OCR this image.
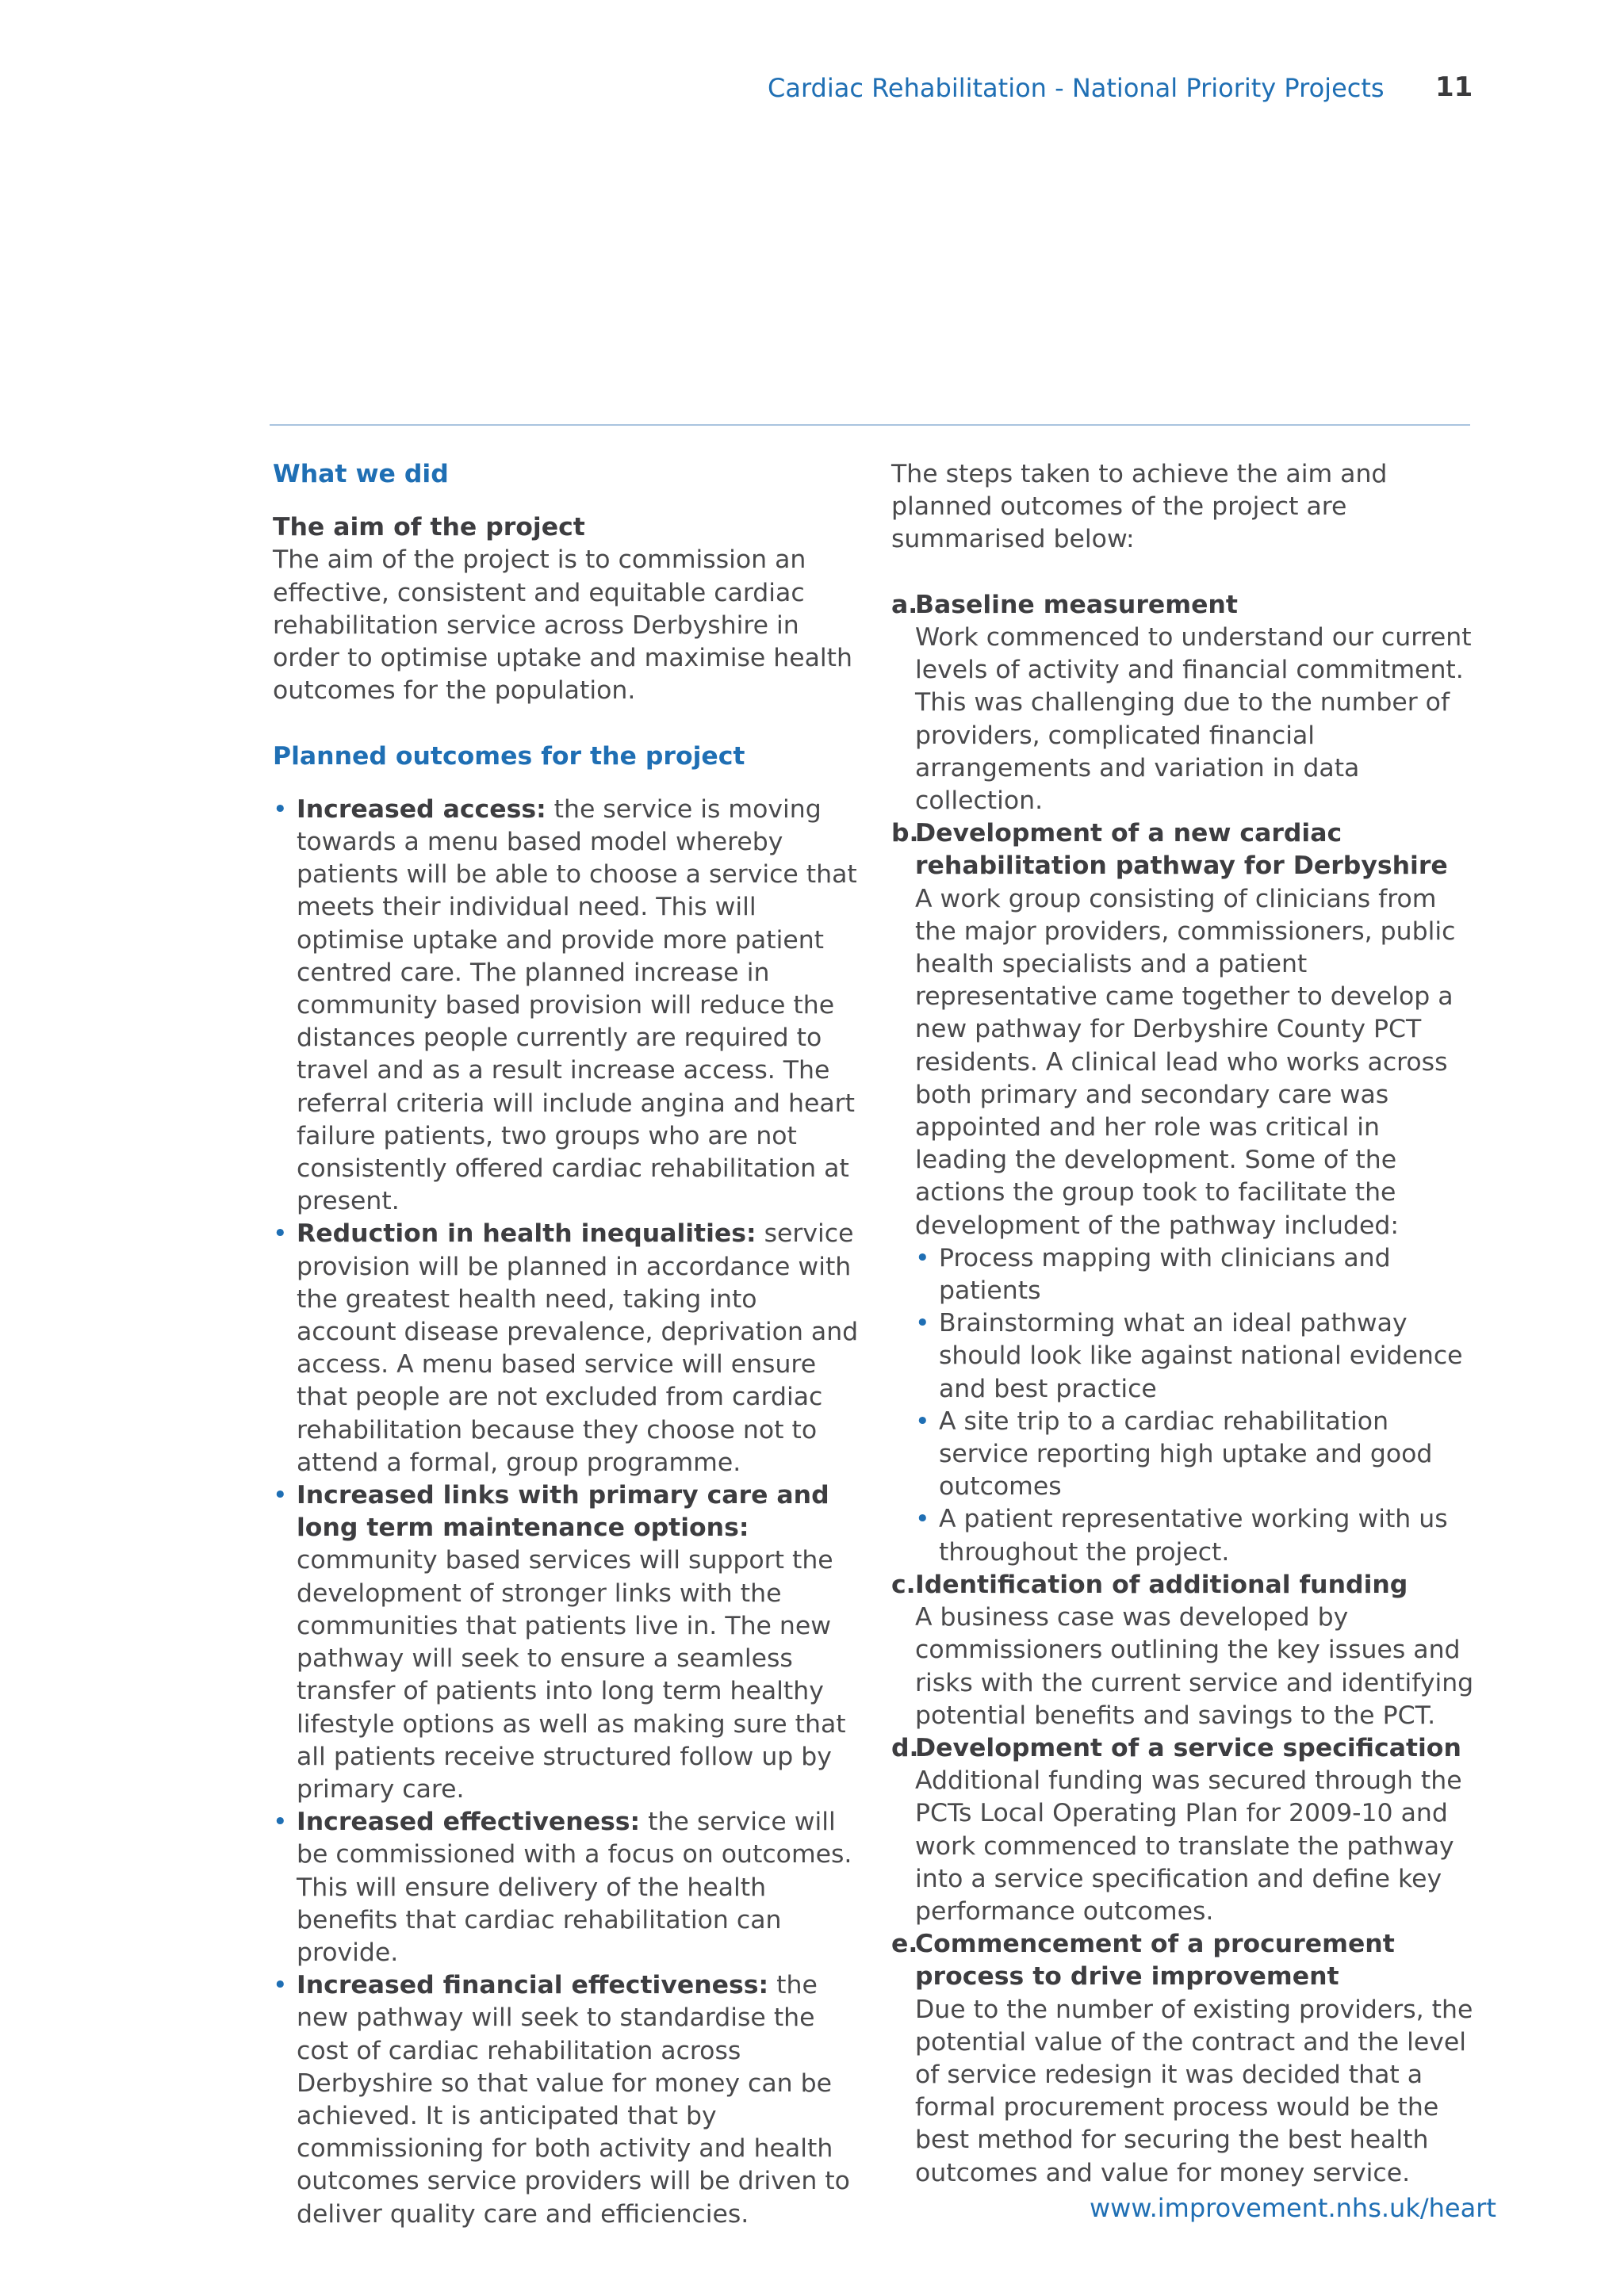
Cardiac Rehabilitation - National Priority Projects 11

What we did

The aim of the project

The aim of the project is to commission an effective, consistent and equitable cardiac rehabilitation service across Derbyshire in order to optimise uptake and maximise health outcomes for the population.

Planned outcomes for the project

• Increased access: the service is moving towards a menu based model whereby patients will be able to choose a service that meets their individual need. This will optimise uptake and provide more patient centred care. The planned increase in community based provision will reduce the distances people currently are required to travel and as a result increase access. The referral criteria will include angina and heart failure patients, two groups who are not consistently offered cardiac rehabilitation at present.
• Reduction in health inequalities: service provision will be planned in accordance with the greatest health need, taking into account disease prevalence, deprivation and access. A menu based service will ensure that people are not excluded from cardiac rehabilitation because they choose not to attend a formal, group programme.
• Increased links with primary care and long term maintenance options: community based services will support the development of stronger links with the communities that patients live in. The new pathway will seek to ensure a seamless transfer of patients into long term healthy lifestyle options as well as making sure that all patients receive structured follow up by primary care.
• Increased effectiveness: the service will be commissioned with a focus on outcomes. This will ensure delivery of the health benefits that cardiac rehabilitation can provide.
• Increased financial effectiveness: the new pathway will seek to standardise the cost of cardiac rehabilitation across Derbyshire so that value for money can be achieved. It is anticipated that by commissioning for both activity and health outcomes service providers will be driven to deliver quality care and efficiencies.

The steps taken to achieve the aim and planned outcomes of the project are summarised below:

a.
Baseline measurement
Work commenced to understand our current levels of activity and financial commitment. This was challenging due to the number of providers, complicated financial arrangements and variation in data collection.
b.
Development of a new cardiac rehabilitation pathway for Derbyshire
A work group consisting of clinicians from the major providers, commissioners, public health specialists and a patient representative came together to develop a new pathway for Derbyshire County PCT residents. A clinical lead who works across both primary and secondary care was appointed and her role was critical in leading the development. Some of the actions the group took to facilitate the development of the pathway included:
• Process mapping with clinicians and patients
• Brainstorming what an ideal pathway should look like against national evidence and best practice
• A site trip to a cardiac rehabilitation service reporting high uptake and good outcomes
• A patient representative working with us throughout the project.
c. Identification of additional funding
A business case was developed by commissioners outlining the key issues and risks with the current service and identifying potential benefits and savings to the PCT.
d.
Development of a service specification
Additional funding was secured through the PCTs Local Operating Plan for 2009-10 and work commenced to translate the pathway into a service specification and define key performance outcomes.
e.
Commencement of a procurement process to drive improvement
Due to the number of existing providers, the potential value of the contract and the level of service redesign it was decided that a formal procurement process would be the best method for securing the best health outcomes and value for money service.
www.improvement.nhs.uk/heart
